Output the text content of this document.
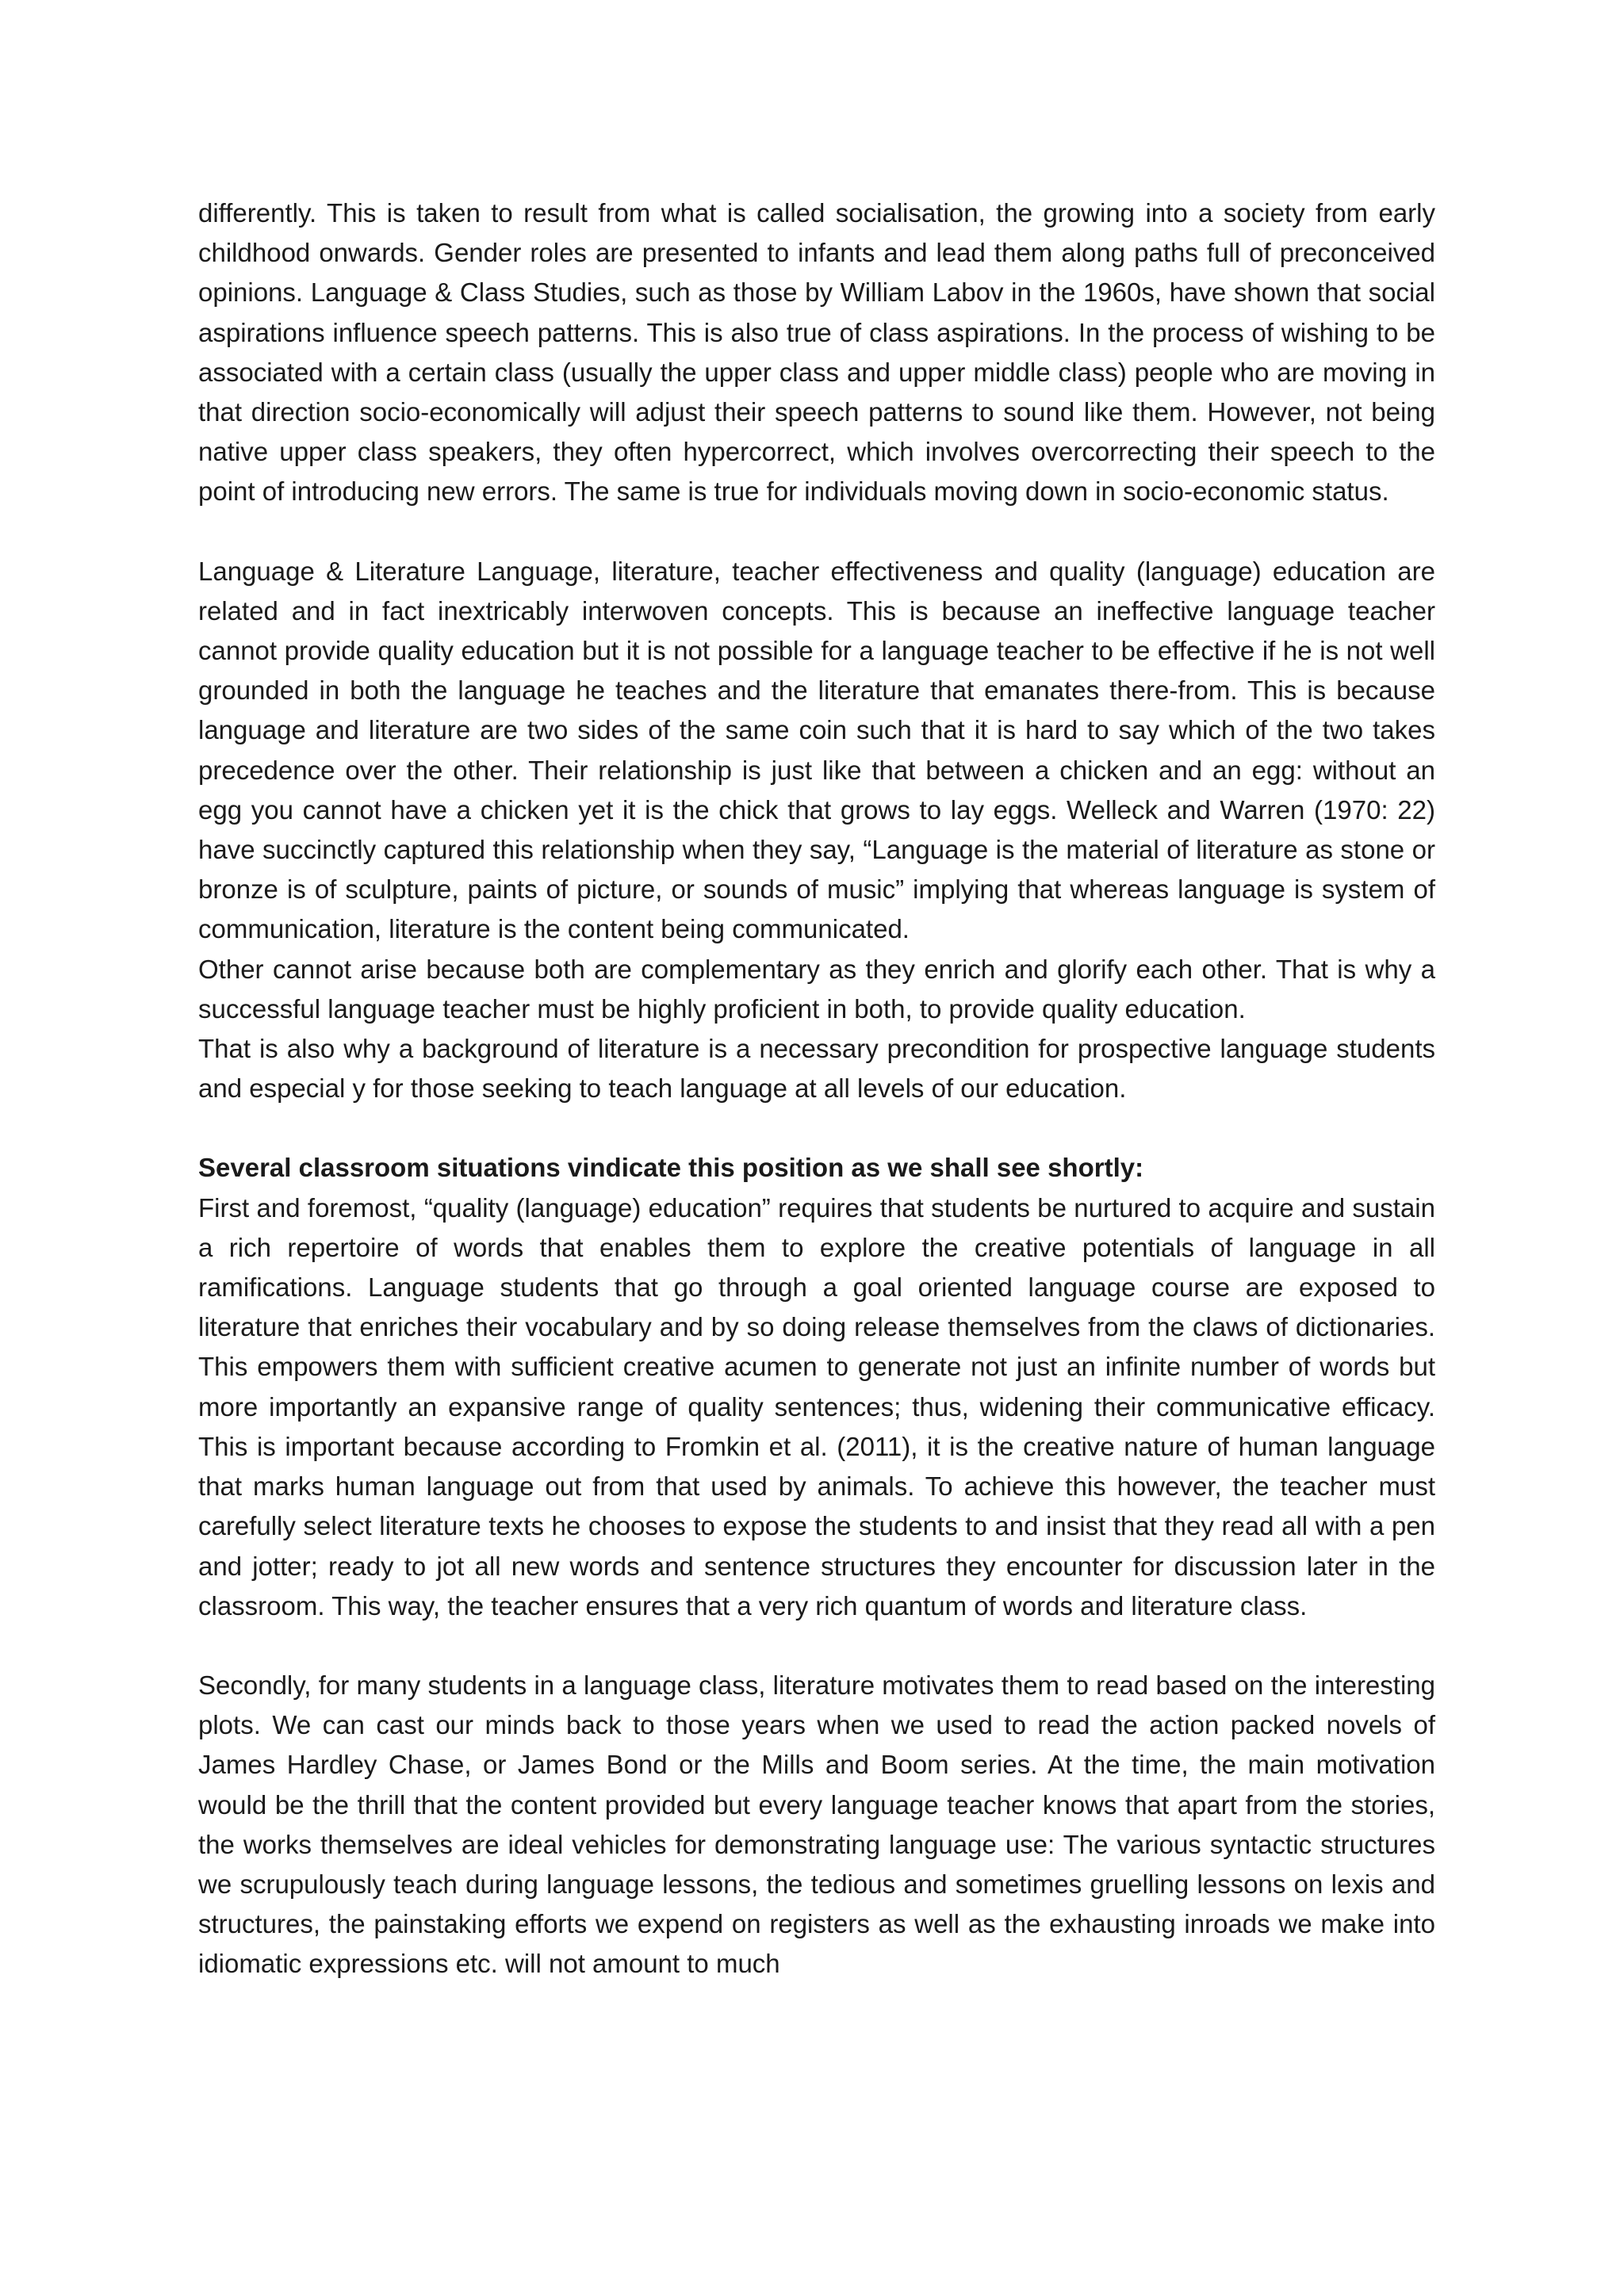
differently. This is taken to result from what is called socialisation, the growing into a society from early childhood onwards. Gender roles are presented to infants and lead them along paths full of preconceived opinions. Language & Class Studies, such as those by William Labov in the 1960s, have shown that social aspirations influence speech patterns. This is also true of class aspirations. In the process of wishing to be associated with a certain class (usually the upper class and upper middle class) people who are moving in that direction socio-economically will adjust their speech patterns to sound like them. However, not being native upper class speakers, they often hypercorrect, which involves overcorrecting their speech to the point of introducing new errors. The same is true for individuals moving down in socio-economic status.

Language & Literature Language, literature, teacher effectiveness and quality (language) education are related and in fact inextricably interwoven concepts. This is because an ineffective language teacher cannot provide quality education but it is not possible for a language teacher to be effective if he is not well grounded in both the language he teaches and the literature that emanates there-from. This is because language and literature are two sides of the same coin such that it is hard to say which of the two takes precedence over the other. Their relationship is just like that between a chicken and an egg: without an egg you cannot have a chicken yet it is the chick that grows to lay eggs. Welleck and Warren (1970: 22) have succinctly captured this relationship when they say, “Language is the material of literature as stone or bronze is of sculpture, paints of picture, or sounds of music” implying that whereas language is system of communication, literature is the content being communicated.

Other cannot arise because both are complementary as they enrich and glorify each other. That is why a successful language teacher must be highly proficient in both, to provide quality education.

That is also why a background of literature is a necessary precondition for prospective language students and especial y for those seeking to teach language at all levels of our education.

Several classroom situations vindicate this position as we shall see shortly:

First and foremost, “quality (language) education” requires that students be nurtured to acquire and sustain a rich repertoire of words that enables them to explore the creative potentials of language in all ramifications. Language students that go through a goal oriented language course are exposed to literature that enriches their vocabulary and by so doing release themselves from the claws of dictionaries. This empowers them with sufficient creative acumen to generate not just an infinite number of words but more importantly an expansive range of quality sentences; thus, widening their communicative efficacy. This is important because according to Fromkin et al. (2011), it is the creative nature of human language that marks human language out from that used by animals. To achieve this however, the teacher must carefully select literature texts he chooses to expose the students to and insist that they read all with a pen and jotter; ready to jot all new words and sentence structures they encounter for discussion later in the classroom. This way, the teacher ensures that a very rich quantum of words and literature class.

Secondly, for many students in a language class, literature motivates them to read based on the interesting plots. We can cast our minds back to those years when we used to read the action packed novels of James Hardley Chase, or James Bond or the Mills and Boom series. At the time, the main motivation would be the thrill that the content provided but every language teacher knows that apart from the stories, the works themselves are ideal vehicles for demonstrating language use: The various syntactic structures we scrupulously teach during language lessons, the tedious and sometimes gruelling lessons on lexis and structures, the painstaking efforts we expend on registers as well as the exhausting inroads we make into idiomatic expressions etc. will not amount to much
